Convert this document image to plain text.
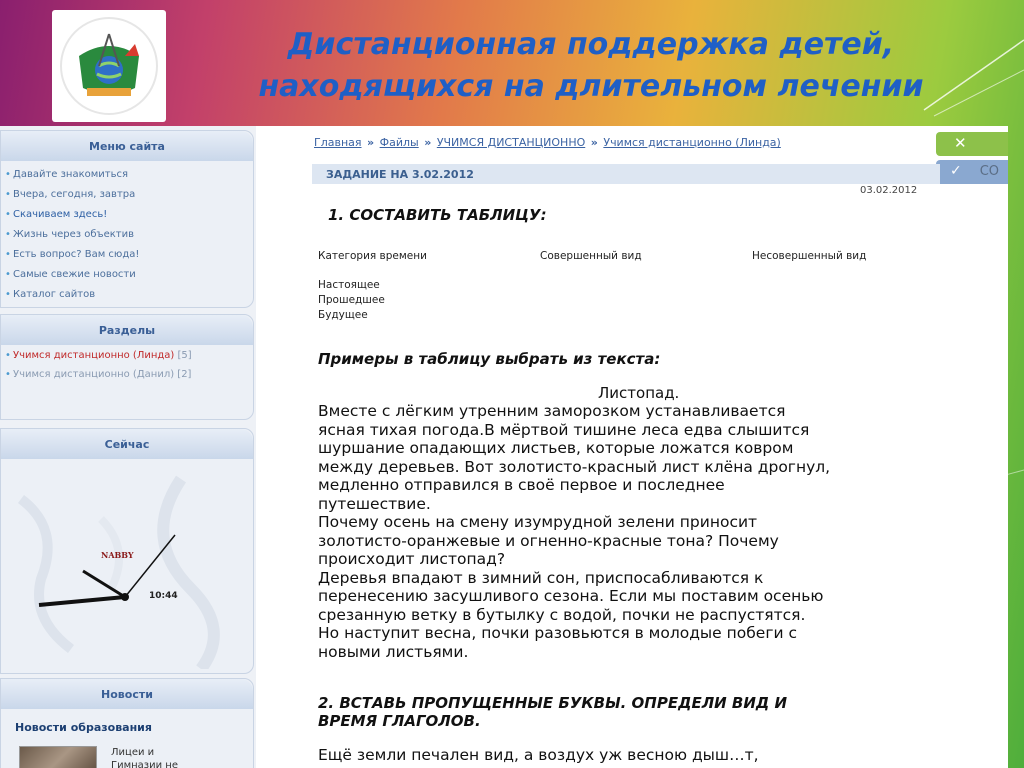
Дистанционная поддержка детей,
находящихся на длительном лечении
Меню сайта
• Давайте знакомиться
• Вчера, сегодня, завтра
• Скачиваем здесь!
• Жизнь через объектив
• Есть вопрос? Вам сюда!
• Самые свежие новости
• Каталог сайтов
Разделы
• Учимся дистанционно (Линда) [5]
• Учимся дистанционно (Данил) [2]
Сейчас
NABBY
10:44
Новости
Новости образования
Лицеи и
Гимназии не
Главная » Файлы » УЧИМСЯ ДИСТАНЦИОННО » Учимся дистанционно (Линда)	✕
✓ СО
ЗАДАНИЕ НА 3.02.2012
03.02.2012
1. СОСТАВИТЬ ТАБЛИЦУ:
Категория времени	Совершенный вид	Несовершенный вид
Настоящее
Прошедшее
Будущее
Примеры в таблицу выбрать из текста:
Листопад.
Вместе с лёгким утренним заморозком устанавливается
ясная тихая погода.В мёртвой тишине леса едва слышится
шуршание опадающих листьев, которые ложатся ковром
между деревьев. Вот золотисто-красный лист клёна дрогнул,
медленно отправился в своё первое и последнее
путешествие.
Почему осень на смену изумрудной зелени приносит
золотисто-оранжевые и огненно-красные тона? Почему
происходит листопад?
Деревья впадают в зимний сон, приспосабливаются к
перенесению засушливого сезона. Если мы поставим осенью
срезанную ветку в бутылку с водой, почки не распустятся.
Но наступит весна, почки разовьются в молодые побеги с
новыми листьями.
2. ВСТАВЬ ПРОПУЩЕННЫЕ БУКВЫ. ОПРЕДЕЛИ ВИД И
ВРЕМЯ ГЛАГОЛОВ.
Ещё земли печален вид, а воздух уж весною дыш…т,
